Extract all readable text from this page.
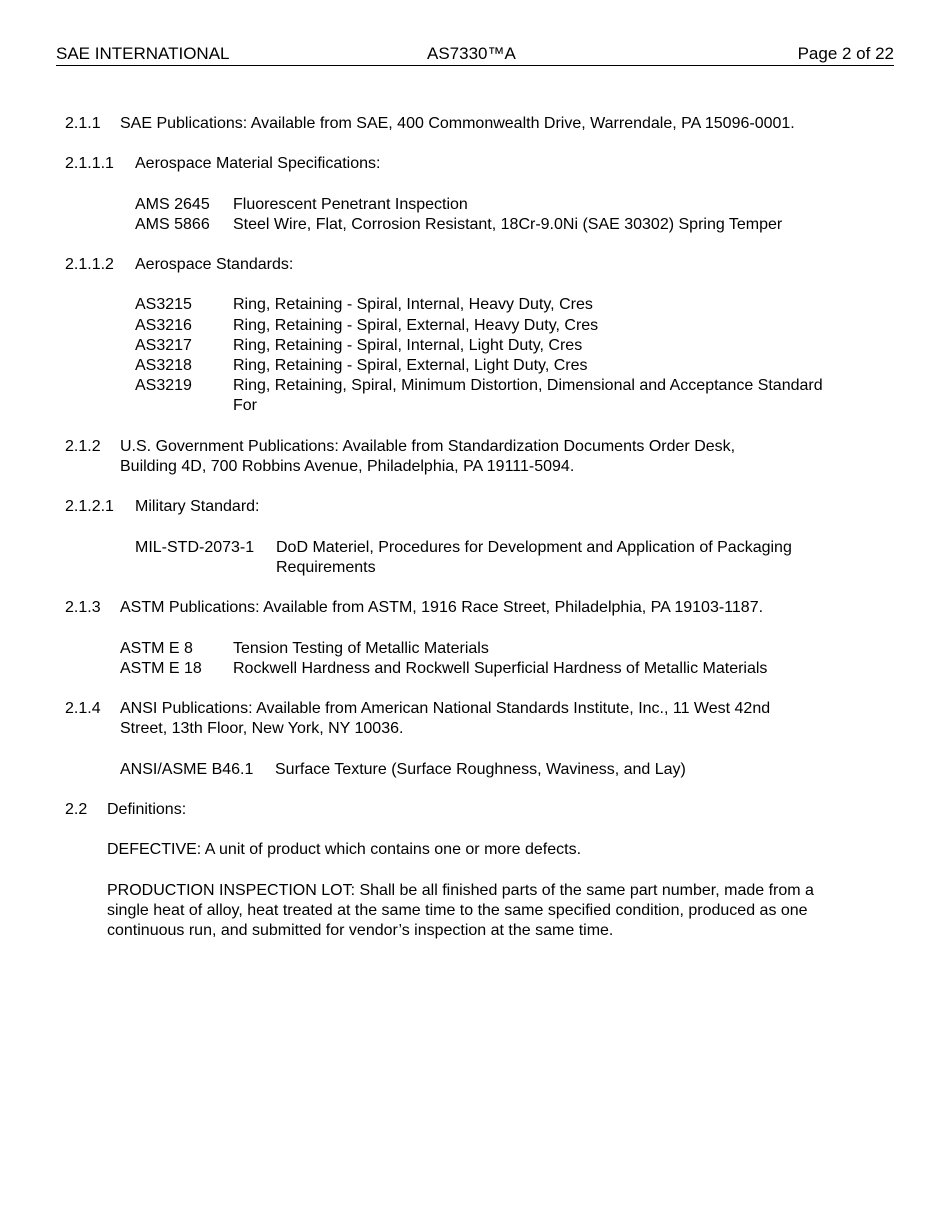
SAE INTERNATIONAL	AS7330™A	Page 2 of 22
2.1.1 SAE Publications: Available from SAE, 400 Commonwealth Drive, Warrendale, PA 15096-0001.
2.1.1.1 Aerospace Material Specifications:
AMS 2645 Fluorescent Penetrant Inspection
AMS 5866 Steel Wire, Flat, Corrosion Resistant, 18Cr-9.0Ni (SAE 30302) Spring Temper
2.1.1.2 Aerospace Standards:
AS3215	Ring, Retaining - Spiral, Internal, Heavy Duty, Cres
AS3216	Ring, Retaining - Spiral, External, Heavy Duty, Cres
AS3217	Ring, Retaining - Spiral, Internal, Light Duty, Cres
AS3218	Ring, Retaining - Spiral, External, Light Duty, Cres
AS3219	Ring, Retaining, Spiral, Minimum Distortion, Dimensional and Acceptance Standard
For
2.1.2 U.S. Government Publications: Available from Standardization Documents Order Desk,
Building 4D, 700 Robbins Avenue, Philadelphia, PA 19111-5094.
2.1.2.1 Military Standard:
MIL-STD-2073-1 DoD Materiel, Procedures for Development and Application of Packaging
Requirements
2.1.3 ASTM Publications: Available from ASTM, 1916 Race Street, Philadelphia, PA 19103-1187.
ASTM E 8	Tension Testing of Metallic Materials
ASTM E 18 Rockwell Hardness and Rockwell Superficial Hardness of Metallic Materials
2.1.4 ANSI Publications: Available from American National Standards Institute, Inc., 11 West 42nd
Street, 13th Floor, New York, NY 10036.
ANSI/ASME B46.1 Surface Texture (Surface Roughness, Waviness, and Lay)
2.2 Definitions:
DEFECTIVE: A unit of product which contains one or more defects.
PRODUCTION INSPECTION LOT: Shall be all finished parts of the same part number, made from a
single heat of alloy, heat treated at the same time to the same specified condition, produced as one
continuous run, and submitted for vendor’s inspection at the same time.
